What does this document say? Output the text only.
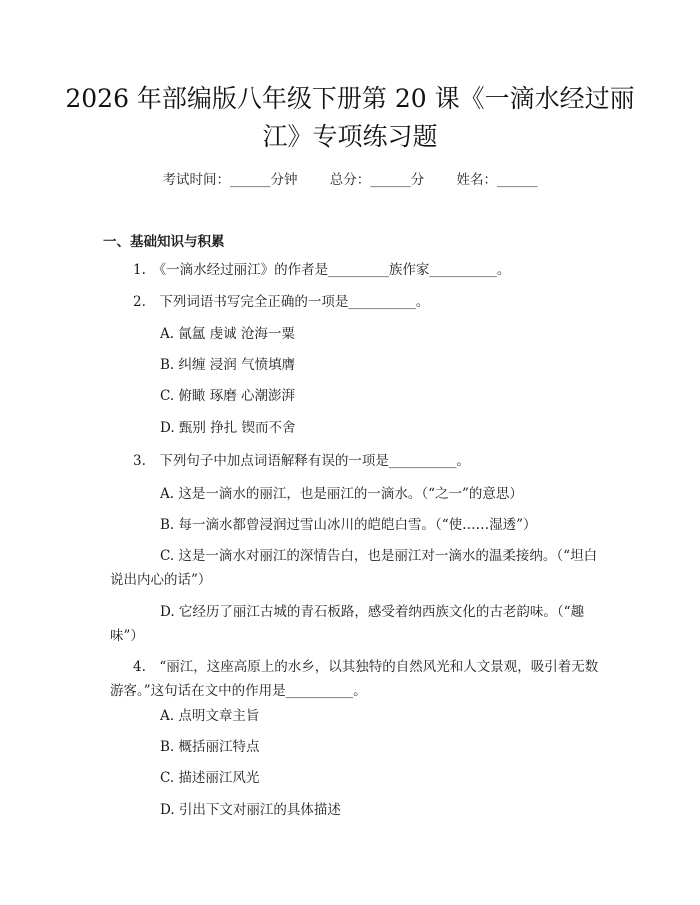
2026 年部编版八年级下册第 20 课《一滴水经过丽江》专项练习题
考试时间：______分钟 总分：______分 姓名：______
一、基础知识与积累
1.　《一滴水经过丽江》的作者是_________族作家__________。
2.　下列词语书写完全正确的一项是__________。
A. 氤氲 虔诚 沧海一粟
B. 纠缠 浸润 气愤填膺
C. 俯瞰 琢磨 心潮澎湃
D. 甄别 挣扎 锲而不舍
3.　下列句子中加点词语解释有误的一项是__________。
A. 这是一滴水的丽江，也是丽江的一滴水。（“之一”的意思）
B. 每一滴水都曾浸润过雪山冰川的皑皑白雪。（“使……湿透”）
C. 这是一滴水对丽江的深情告白，也是丽江对一滴水的温柔接纳。（“坦白说出内心的话”）
D. 它经历了丽江古城的青石板路，感受着纳西族文化的古老韵味。（“趣味”）
4.　“丽江，这座高原上的水乡，以其独特的自然风光和人文景观，吸引着无数游客。”这句话在文中的作用是__________。
A. 点明文章主旨
B. 概括丽江特点
C. 描述丽江风光
D. 引出下文对丽江的具体描述
